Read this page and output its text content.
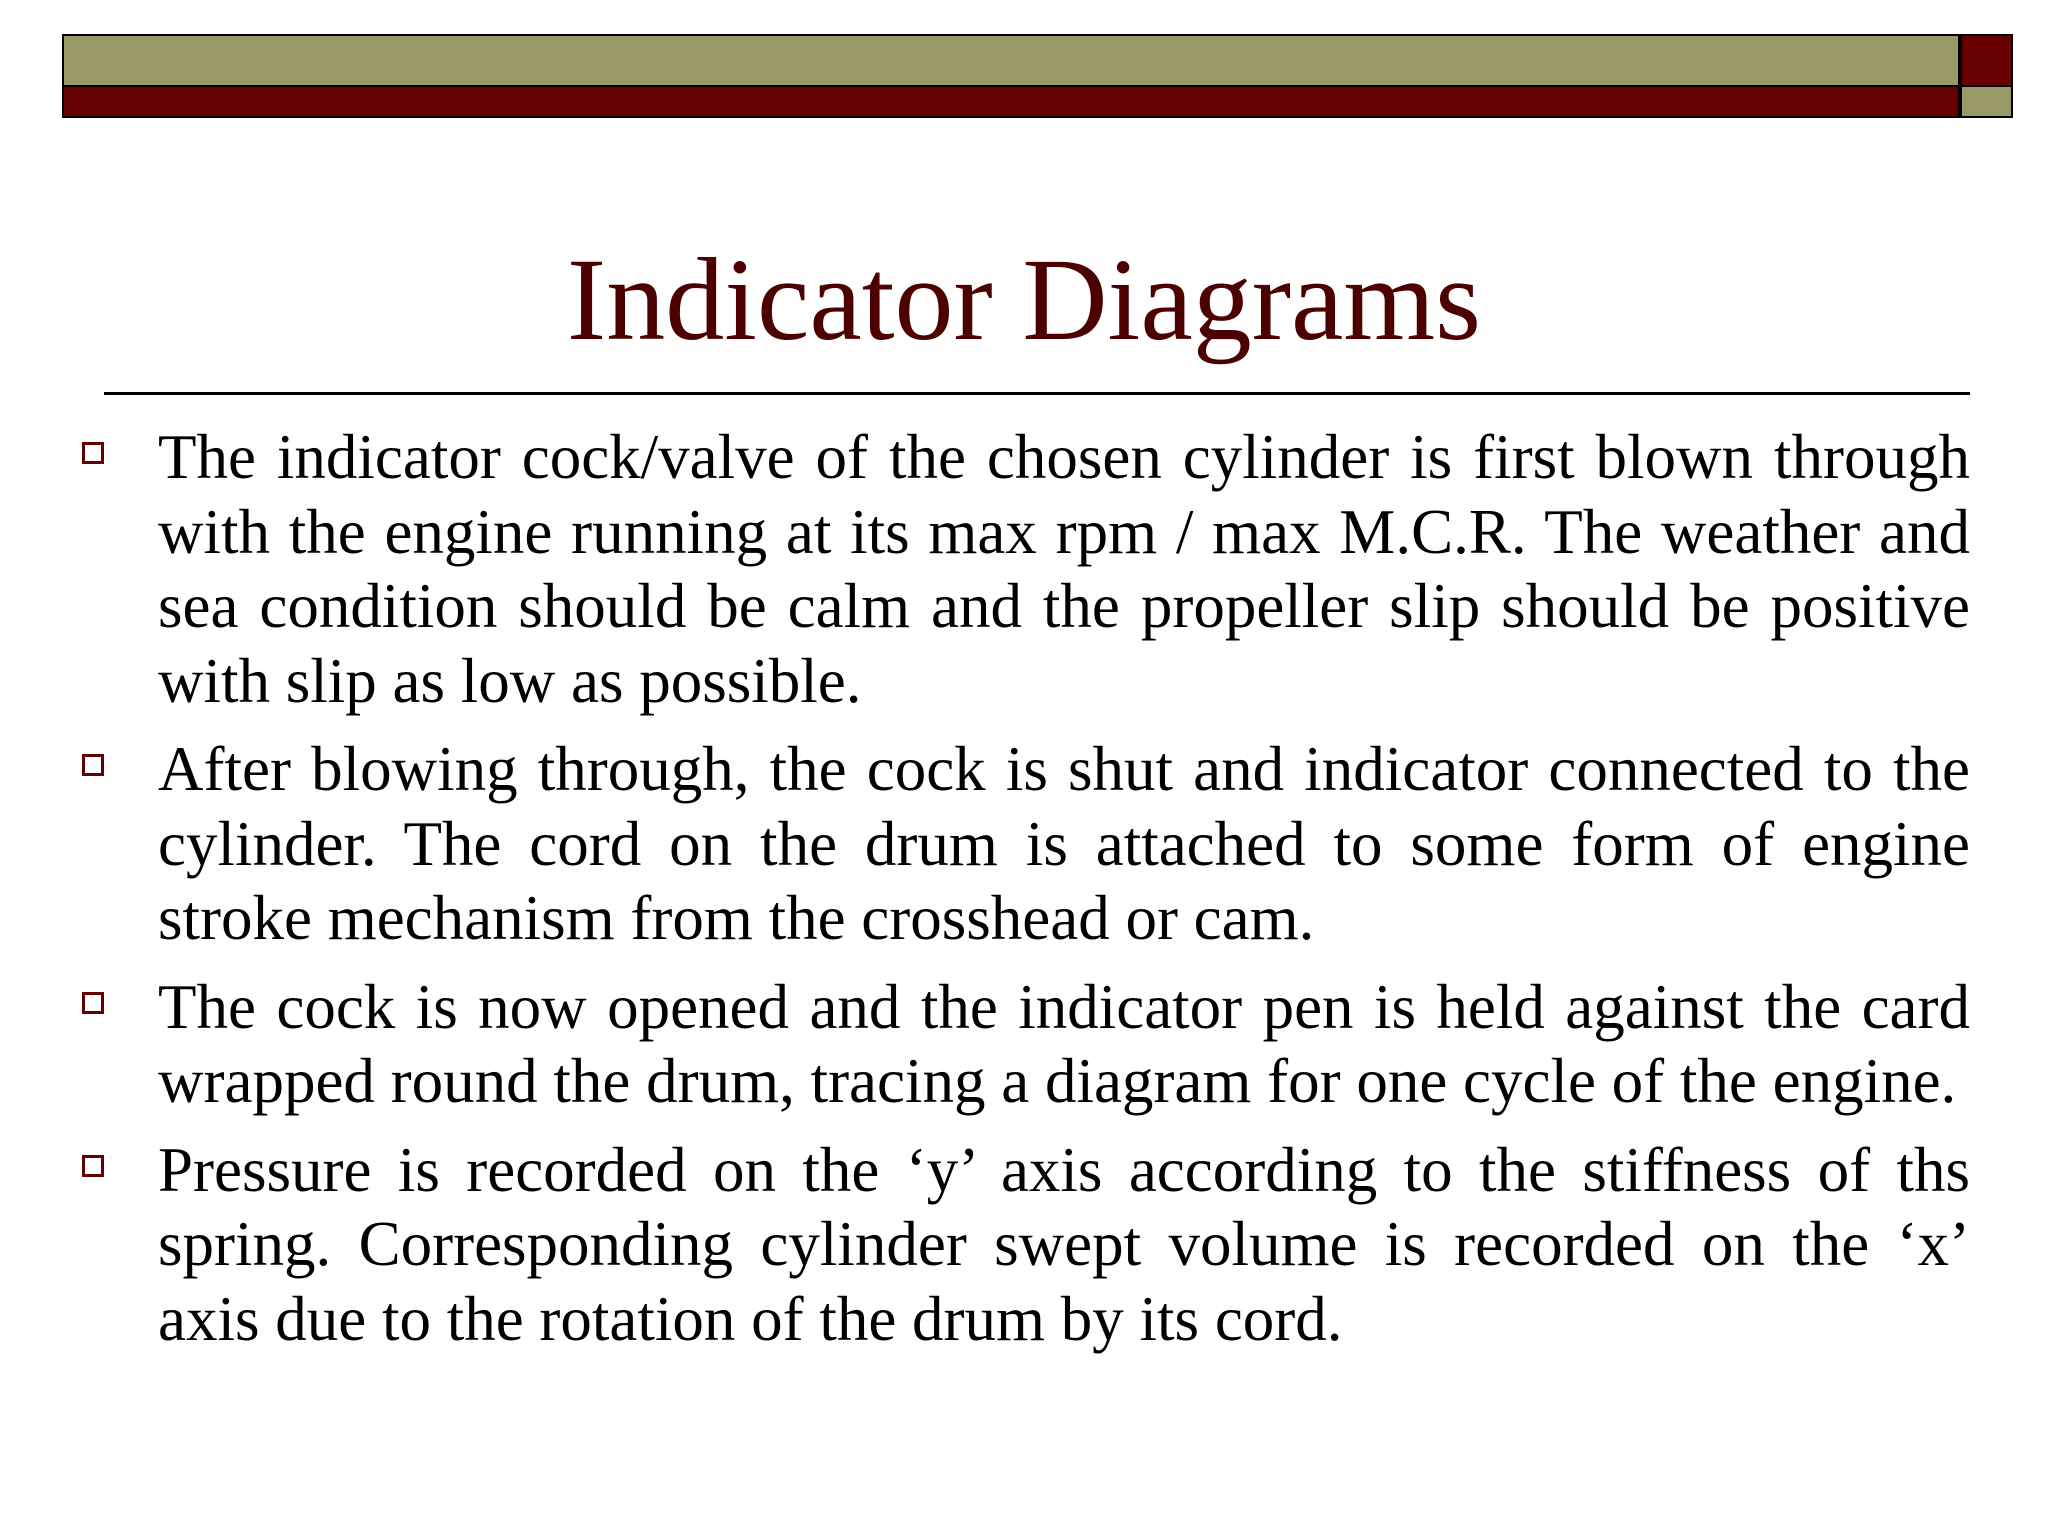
Indicator Diagrams
The indicator cock/valve of the chosen cylinder is first blown through with the engine running at its max rpm / max M.C.R. The weather and sea condition should be calm and the propeller slip should be positive with slip as low as possible.
After blowing through, the cock is shut and indicator connected to the cylinder. The cord on the drum is attached to some form of engine stroke mechanism from the crosshead or cam.
The cock is now opened and the indicator pen is held against the card wrapped round the drum, tracing a diagram for one cycle of the engine.
Pressure is recorded on the ‘y’ axis according to the stiffness of ths spring. Corresponding cylinder swept volume is recorded on the ‘x’ axis due to the rotation of the drum by its cord.
